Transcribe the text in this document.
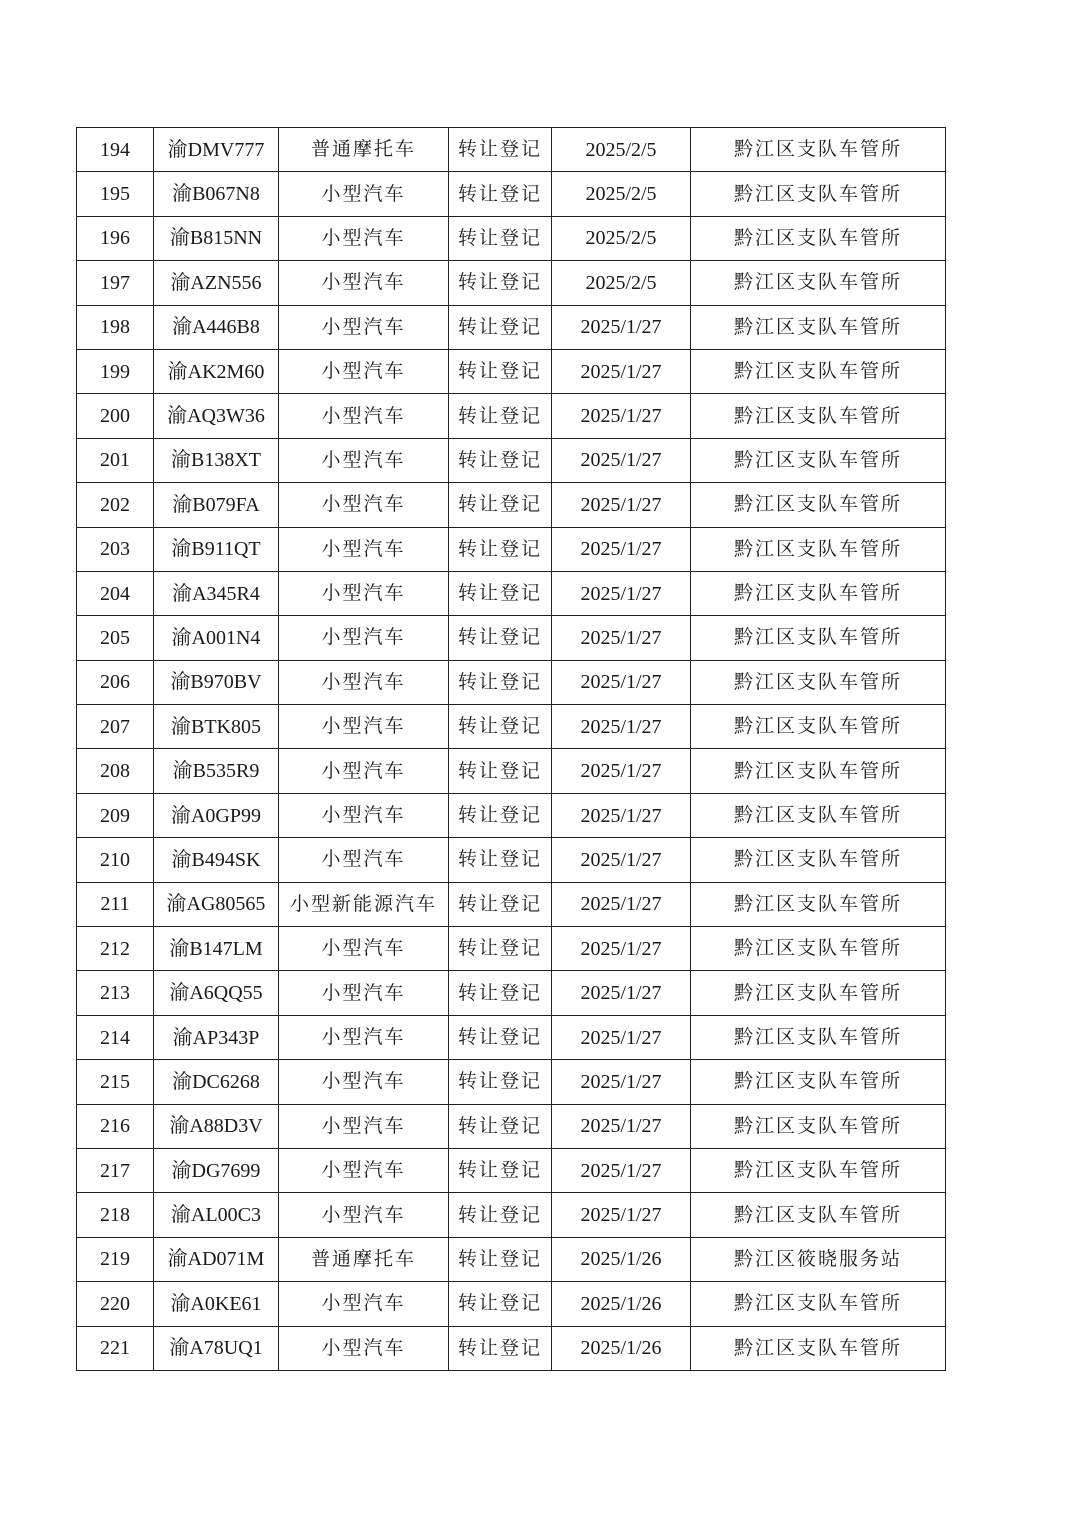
194	渝DMV777	普通摩托车	转让登记	2025/2/5	黔江区支队车管所
195	渝B067N8	小型汽车	转让登记	2025/2/5	黔江区支队车管所
196	渝B815NN	小型汽车	转让登记	2025/2/5	黔江区支队车管所
197	渝AZN556	小型汽车	转让登记	2025/2/5	黔江区支队车管所
198	渝A446B8	小型汽车	转让登记	2025/1/27	黔江区支队车管所
199	渝AK2M60	小型汽车	转让登记	2025/1/27	黔江区支队车管所
200	渝AQ3W36	小型汽车	转让登记	2025/1/27	黔江区支队车管所
201	渝B138XT	小型汽车	转让登记	2025/1/27	黔江区支队车管所
202	渝B079FA	小型汽车	转让登记	2025/1/27	黔江区支队车管所
203	渝B911QT	小型汽车	转让登记	2025/1/27	黔江区支队车管所
204	渝A345R4	小型汽车	转让登记	2025/1/27	黔江区支队车管所
205	渝A001N4	小型汽车	转让登记	2025/1/27	黔江区支队车管所
206	渝B970BV	小型汽车	转让登记	2025/1/27	黔江区支队车管所
207	渝BTK805	小型汽车	转让登记	2025/1/27	黔江区支队车管所
208	渝B535R9	小型汽车	转让登记	2025/1/27	黔江区支队车管所
209	渝A0GP99	小型汽车	转让登记	2025/1/27	黔江区支队车管所
210	渝B494SK	小型汽车	转让登记	2025/1/27	黔江区支队车管所
211	渝AG80565	小型新能源汽车	转让登记	2025/1/27	黔江区支队车管所
212	渝B147LM	小型汽车	转让登记	2025/1/27	黔江区支队车管所
213	渝A6QQ55	小型汽车	转让登记	2025/1/27	黔江区支队车管所
214	渝AP343P	小型汽车	转让登记	2025/1/27	黔江区支队车管所
215	渝DC6268	小型汽车	转让登记	2025/1/27	黔江区支队车管所
216	渝A88D3V	小型汽车	转让登记	2025/1/27	黔江区支队车管所
217	渝DG7699	小型汽车	转让登记	2025/1/27	黔江区支队车管所
218	渝AL00C3	小型汽车	转让登记	2025/1/27	黔江区支队车管所
219	渝AD071M	普通摩托车	转让登记	2025/1/26	黔江区筱晓服务站
220	渝A0KE61	小型汽车	转让登记	2025/1/26	黔江区支队车管所
221	渝A78UQ1	小型汽车	转让登记	2025/1/26	黔江区支队车管所
